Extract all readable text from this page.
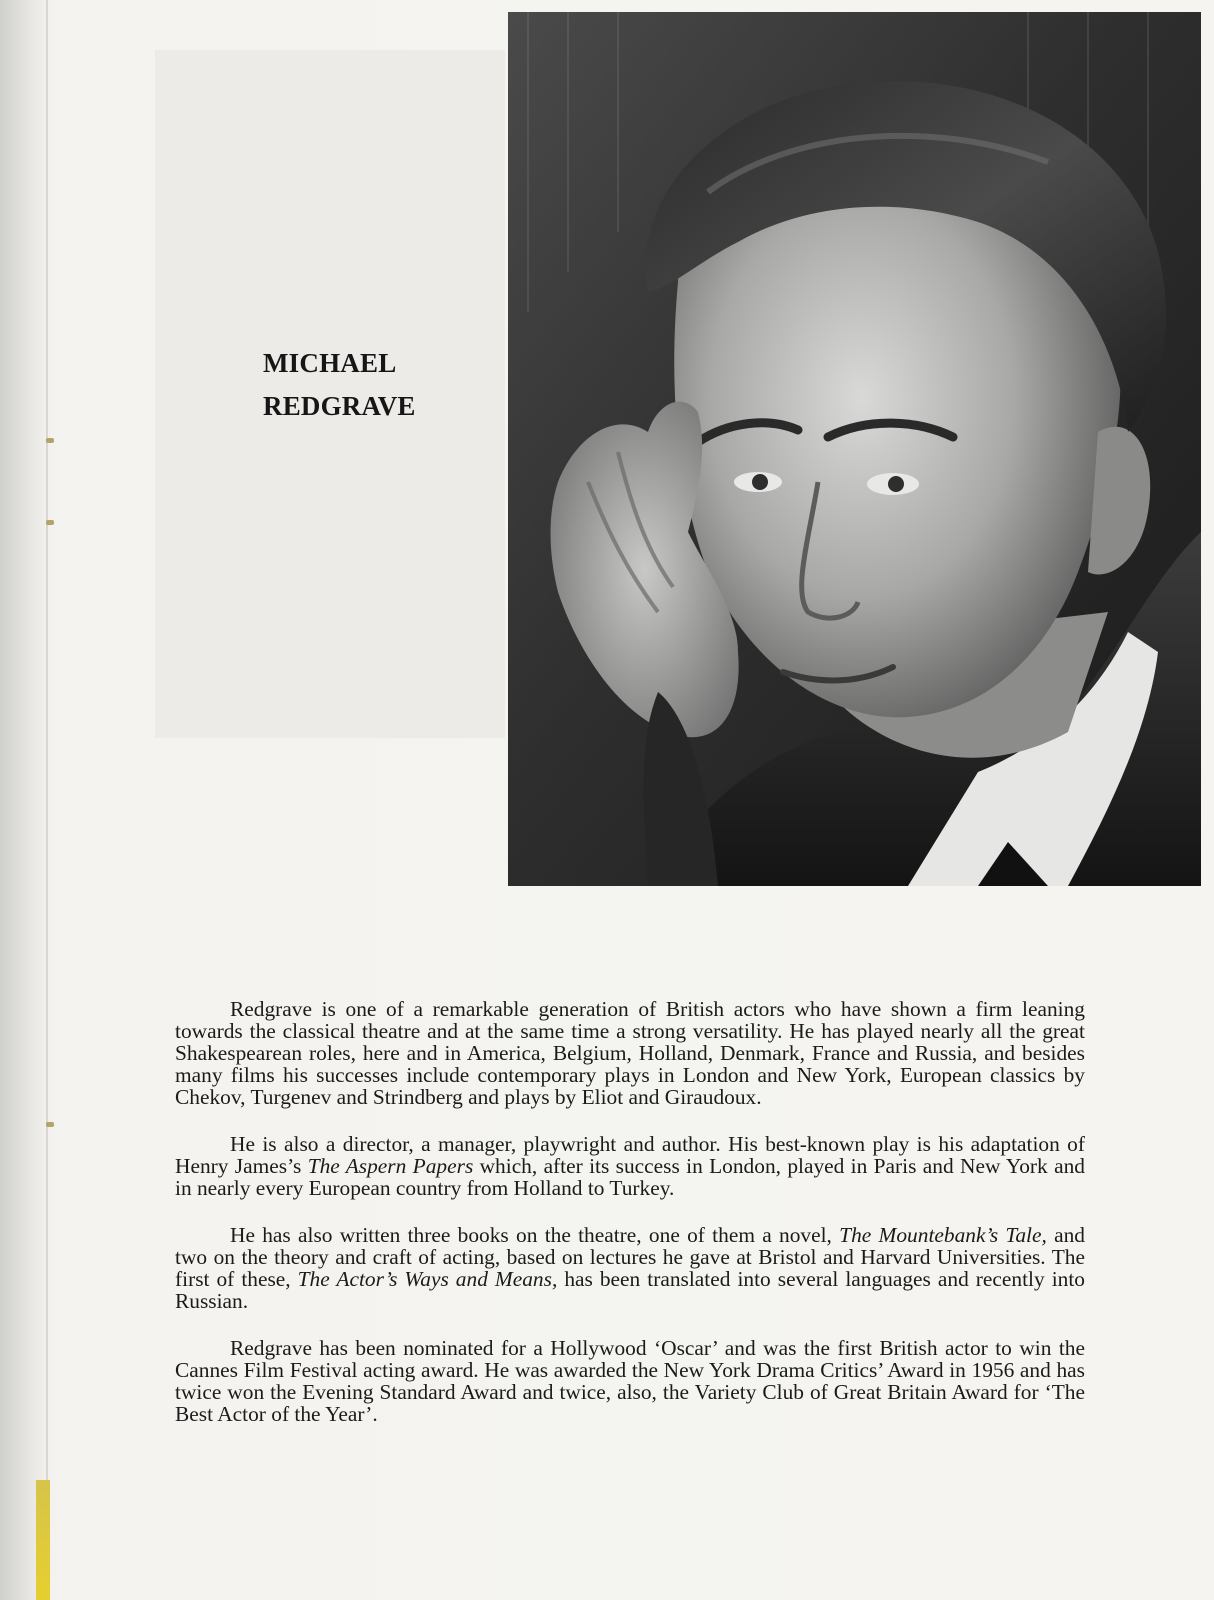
MICHAEL
REDGRAVE

Redgrave is one of a remarkable generation of British actors who have shown a firm leaning towards the classical theatre and at the same time a strong versatility. He has played nearly all the great Shakespearean roles, here and in America, Belgium, Holland, Denmark, France and Russia, and besides many films his successes include contemporary plays in London and New York, European classics by Chekov, Turgenev and Strindberg and plays by Eliot and Giraudoux.

He is also a director, a manager, playwright and author. His best-known play is his adaptation of Henry James’s The Aspern Papers which, after its success in London, played in Paris and New York and in nearly every European country from Holland to Turkey.

He has also written three books on the theatre, one of them a novel, The Mountebank’s Tale, and two on the theory and craft of acting, based on lectures he gave at Bristol and Harvard Universities. The first of these, The Actor’s Ways and Means, has been translated into several languages and recently into Russian.

Redgrave has been nominated for a Hollywood ‘Oscar’ and was the first British actor to win the Cannes Film Festival acting award. He was awarded the New York Drama Critics’ Award in 1956 and has twice won the Evening Standard Award and twice, also, the Variety Club of Great Britain Award for ‘The Best Actor of the Year’.
